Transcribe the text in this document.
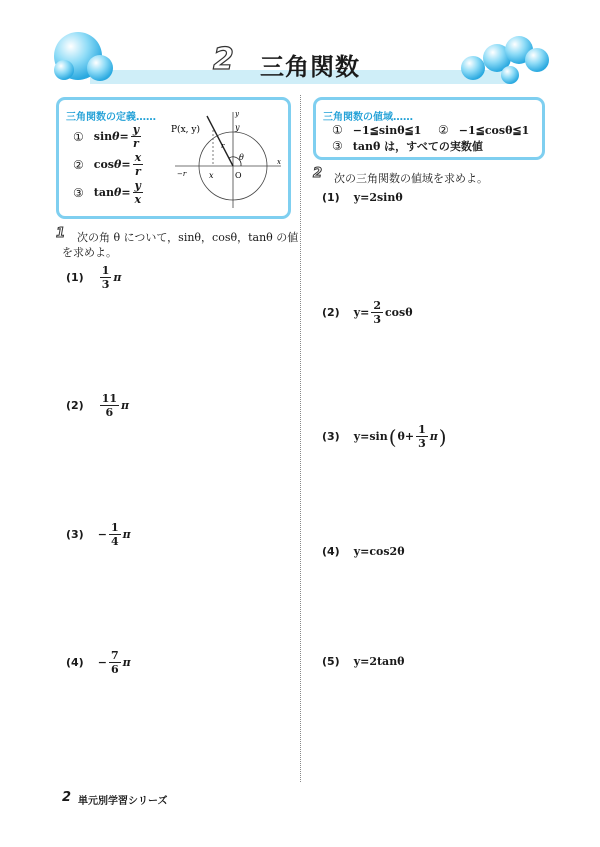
2 三角関数
三角関数の定義……
① $\sin \theta = \frac{y}{r}$
② $\cos \theta = \frac{x}{r}$
③ $\tan \theta = \frac{y}{x}$
P(x, y)	y
x
r
θ
O
x
y
−r
1 次の角 θ について，sinθ，cosθ，tanθ の値
を求めよ。
$(1) \frac{1}{3}$ π
$(2) \frac{11}{6}$ π
$(3) - \frac{1}{4}$ π
$(4) - \frac{7}{6}$ π
三角関数の値域……
① −1≦sinθ≦1 ② −1≦cosθ≦1
③ tanθ は，すべての実数値
2 次の三角関数の値域を求めよ。
(1) y=2sinθ
(2) $y= \frac{2}{3}$ cosθ
(3) y=sin ( $\theta+ \frac{1}{3}$ π )
(4) y=cos2θ
(5) y=2tanθ
2 単元別学習シリーズ
